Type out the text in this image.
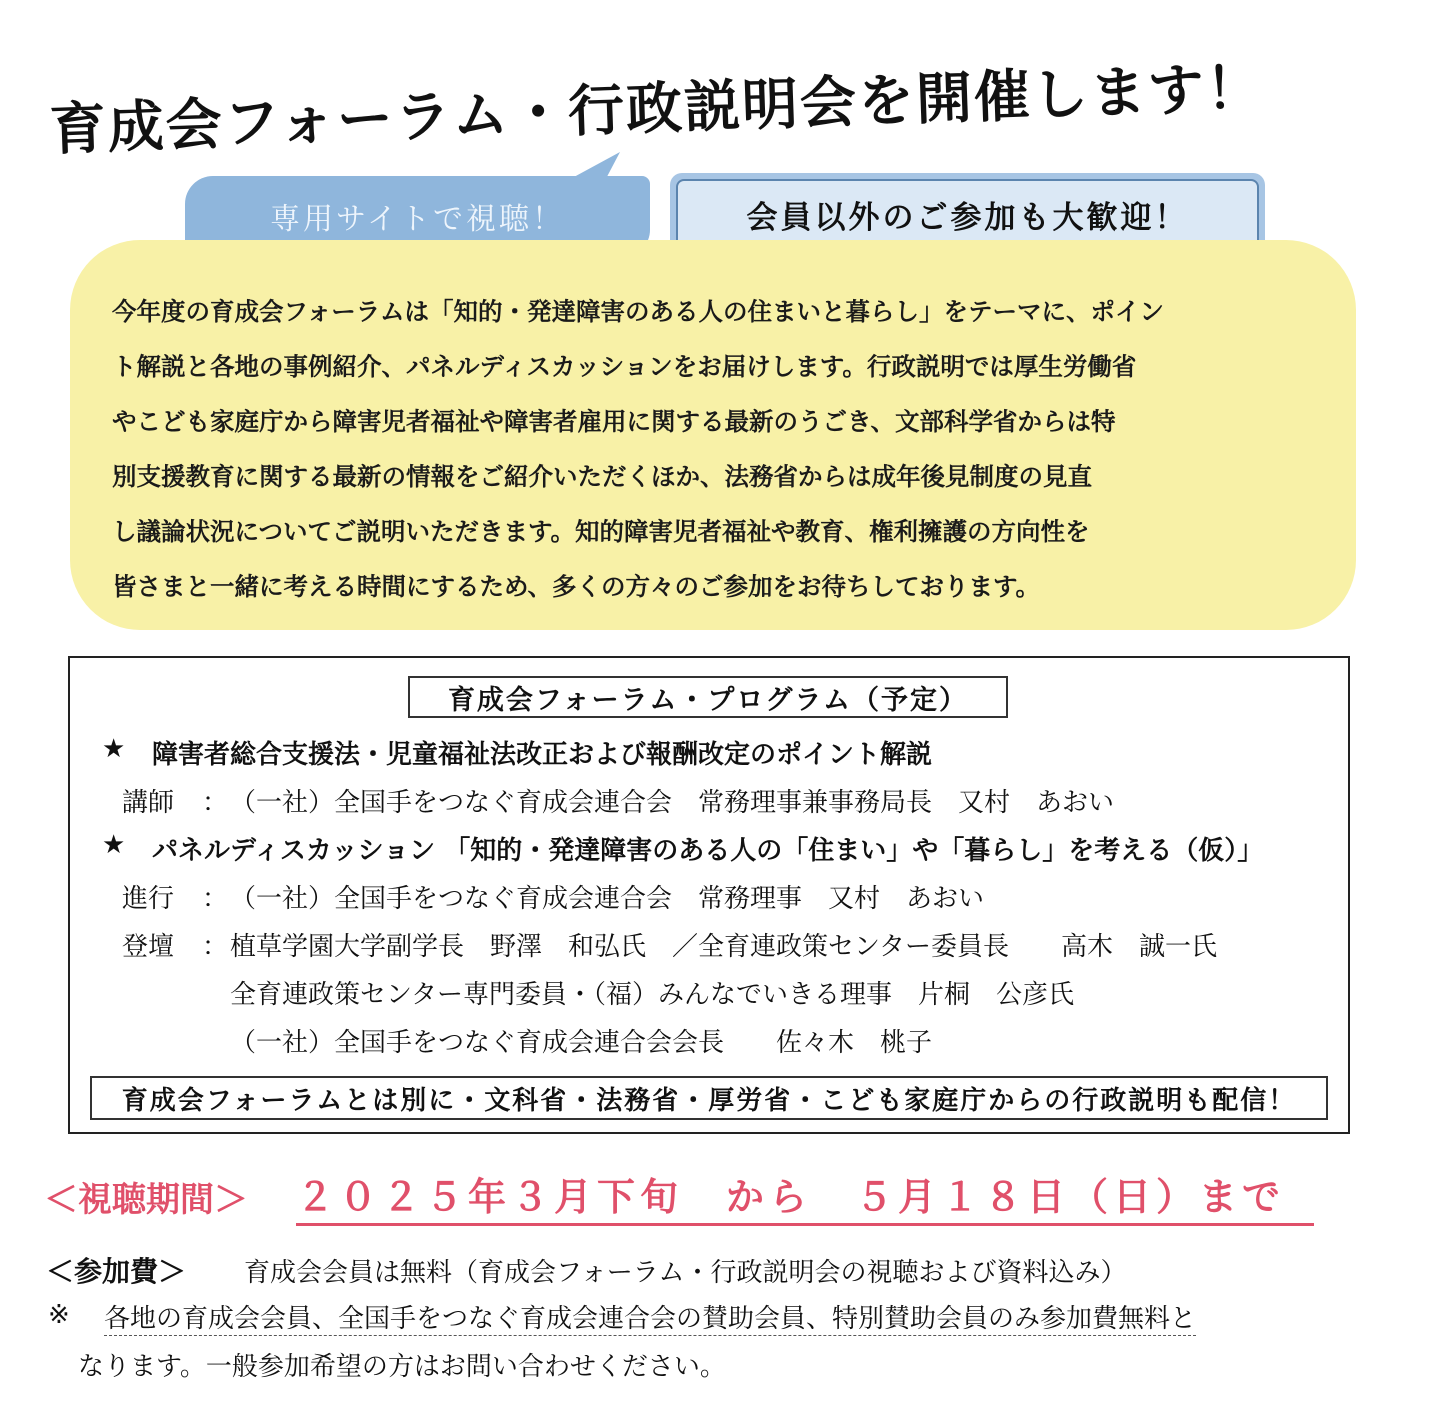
育成会フォーラム・行政説明会を開催します！
専用サイトで視聴！	会員以外のご参加も大歓迎！

今年度の育成会フォーラムは「知的・発達障害のある人の住まいと暮らし」をテーマに、ポイン

ト解説と各地の事例紹介、パネルディスカッションをお届けします。行政説明では厚生労働省

やこども家庭庁から障害児者福祉や障害者雇用に関する最新のうごき、文部科学省からは特

別支援教育に関する最新の情報をご紹介いただくほか、法務省からは成年後見制度の見直

し議論状況についてご説明いただきます。知的障害児者福祉や教育、権利擁護の方向性を

皆さまと一緒に考える時間にするため、多くの方々のご参加をお待ちしております。

育成会フォーラム・プログラム（予定）
★ 障害者総合支援法・児童福祉法改正および報酬改定のポイント解説
講師 ： （一社）全国手をつなぐ育成会連合会　常務理事兼事務局長　又村　あおい
★ パネルディスカッション 「知的・発達障害のある人の「住まい」や「暮らし」を考える（仮）」
進行 ： （一社）全国手をつなぐ育成会連合会　常務理事　又村　あおい
登壇 ： 植草学園大学副学長　野澤　和弘氏　／全育連政策センター委員長　　高木　誠一氏
全育連政策センター専門委員・（福）みんなでいきる理事　片桐　公彦氏
（一社）全国手をつなぐ育成会連合会会長　　佐々木　桃子
育成会フォーラムとは別に・文科省・法務省・厚労省・こども家庭庁からの行政説明も配信！
＜視聴期間＞ ２０２５年３月下旬　から　５月１８日（日）まで
＜参加費＞ 育成会会員は無料（育成会フォーラム・行政説明会の視聴および資料込み）
※ 各地の育成会会員、全国手をつなぐ育成会連合会の賛助会員、特別賛助会員のみ参加費無料と
なります。一般参加希望の方はお問い合わせください。
